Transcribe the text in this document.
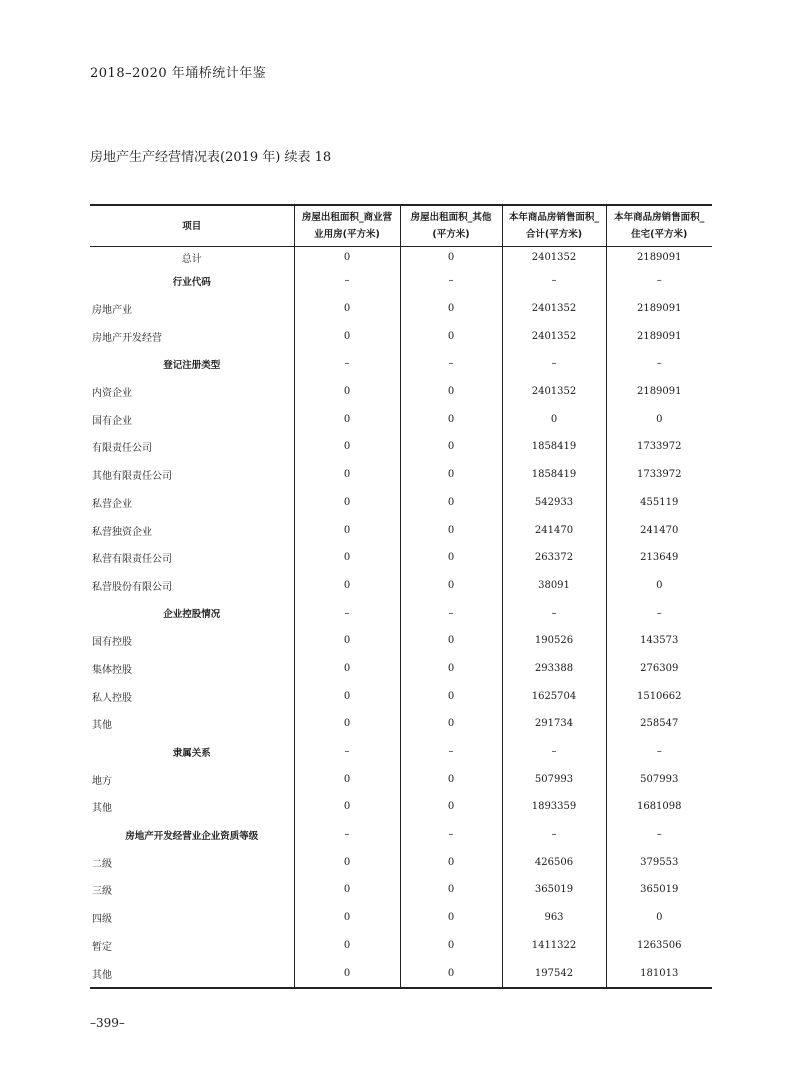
2018–2020 年埇桥统计年鉴
房地产生产经营情况表(2019 年) 续表 18
项目	房屋出租面积_商业营业用房(平方米)	房屋出租面积_其他(平方米)	本年商品房销售面积_合计(平方米)	本年商品房销售面积_住宅(平方米)
总计	0	0	2401352	2189091
行业代码	–	–	–	–
房地产业	0	0	2401352	2189091
房地产开发经营	0	0	2401352	2189091
登记注册类型	–	–	–	–
内资企业	0	0	2401352	2189091
国有企业	0	0	0	0
有限责任公司	0	0	1858419	1733972
其他有限责任公司	0	0	1858419	1733972
私营企业	0	0	542933	455119
私营独资企业	0	0	241470	241470
私营有限责任公司	0	0	263372	213649
私营股份有限公司	0	0	38091	0
企业控股情况	–	–	–	–
国有控股	0	0	190526	143573
集体控股	0	0	293388	276309
私人控股	0	0	1625704	1510662
其他	0	0	291734	258547
隶属关系	–	–	–	–
地方	0	0	507993	507993
其他	0	0	1893359	1681098
房地产开发经营业企业资质等级	–	–	–	–
二级	0	0	426506	379553
三级	0	0	365019	365019
四级	0	0	963	0
暂定	0	0	1411322	1263506
其他	0	0	197542	181013
–399–
